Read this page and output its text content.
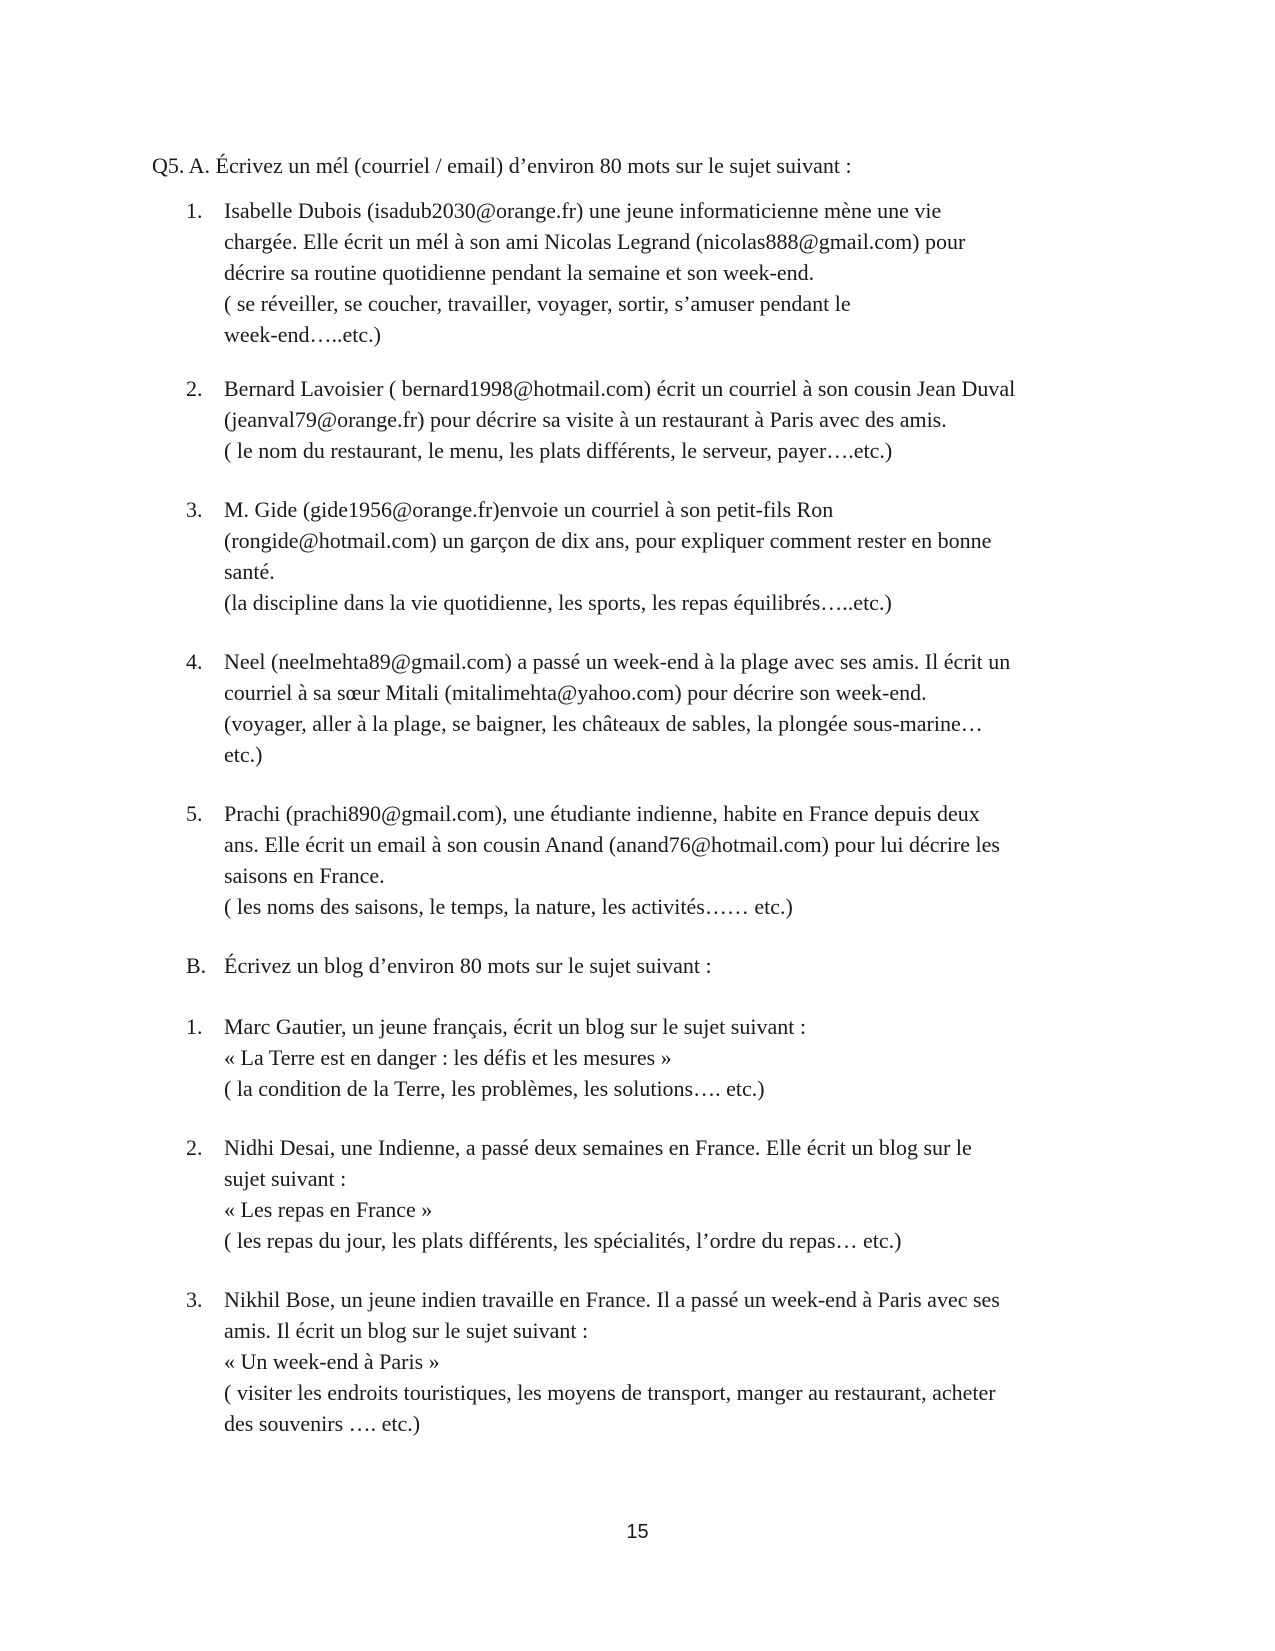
Q5. A. Écrivez un mél (courriel / email) d’environ 80 mots sur le sujet suivant :
1. Isabelle Dubois (isadub2030@orange.fr) une jeune informaticienne mène une vie
chargée. Elle écrit un mél à son ami Nicolas Legrand (nicolas888@gmail.com) pour
décrire sa routine quotidienne pendant la semaine et son week-end.
( se réveiller, se coucher, travailler, voyager, sortir, s’amuser pendant le
week-end…..etc.)
2. Bernard Lavoisier ( bernard1998@hotmail.com) écrit un courriel à son cousin Jean Duval
(jeanval79@orange.fr) pour décrire sa visite à un restaurant à Paris avec des amis.
( le nom du restaurant, le menu, les plats différents, le serveur, payer….etc.)
3. M. Gide (gide1956@orange.fr)envoie un courriel à son petit-fils Ron
(rongide@hotmail.com) un garçon de dix ans, pour expliquer comment rester en bonne
santé.
(la discipline dans la vie quotidienne, les sports, les repas équilibrés…..etc.)
4. Neel (neelmehta89@gmail.com) a passé un week-end à la plage avec ses amis. Il écrit un
courriel à sa sœur Mitali (mitalimehta@yahoo.com) pour décrire son week-end.
(voyager, aller à la plage, se baigner, les châteaux de sables, la plongée sous-marine…
etc.)
5. Prachi (prachi890@gmail.com), une étudiante indienne, habite en France depuis deux
ans. Elle écrit un email à son cousin Anand (anand76@hotmail.com) pour lui décrire les
saisons en France.
( les noms des saisons, le temps, la nature, les activités…… etc.)
B. Écrivez un blog d’environ 80 mots sur le sujet suivant :
1. Marc Gautier, un jeune français, écrit un blog sur le sujet suivant :
« La Terre est en danger : les défis et les mesures »
( la condition de la Terre, les problèmes, les solutions…. etc.)
2. Nidhi Desai, une Indienne, a passé deux semaines en France. Elle écrit un blog sur le
sujet suivant :
« Les repas en France »
( les repas du jour, les plats différents, les spécialités, l’ordre du repas… etc.)
3. Nikhil Bose, un jeune indien travaille en France. Il a passé un week-end à Paris avec ses
amis. Il écrit un blog sur le sujet suivant :
« Un week-end à Paris »
( visiter les endroits touristiques, les moyens de transport, manger au restaurant, acheter
des souvenirs …. etc.)
15
